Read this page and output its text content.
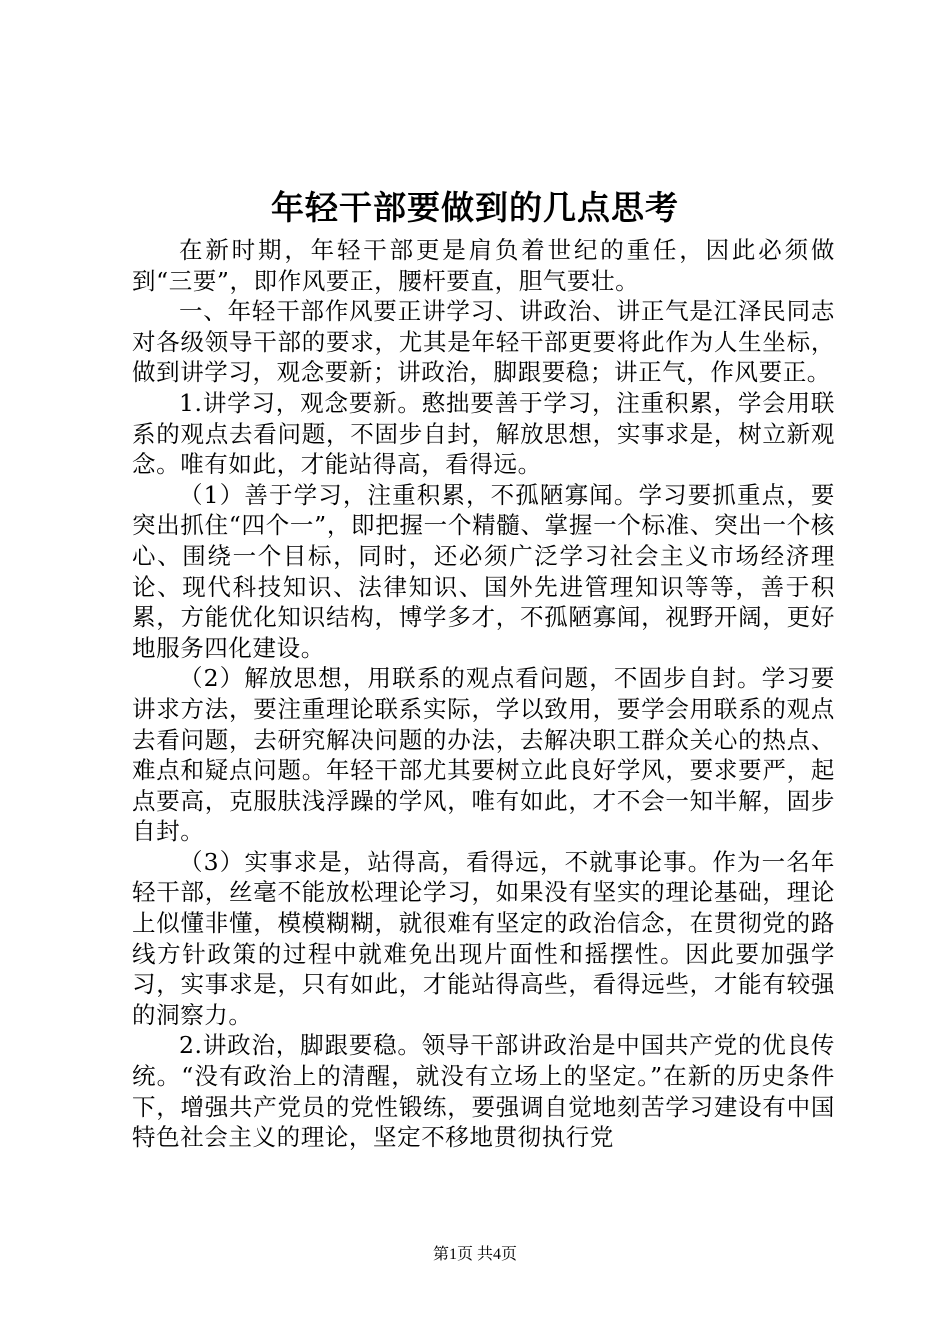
年轻干部要做到的几点思考

在新时期，年轻干部更是肩负着世纪的重任，因此必须做到“三要”，即作风要正，腰杆要直，胆气要壮。

一、年轻干部作风要正讲学习、讲政治、讲正气是江泽民同志对各级领导干部的要求，尤其是年轻干部更要将此作为人生坐标，做到讲学习，观念要新；讲政治，脚跟要稳；讲正气，作风要正。

1.讲学习，观念要新。憨拙要善于学习，注重积累，学会用联系的观点去看问题，不固步自封，解放思想，实事求是，树立新观念。唯有如此，才能站得高，看得远。

（1）善于学习，注重积累，不孤陋寡闻。学习要抓重点，要突出抓住“四个一”，即把握一个精髓、掌握一个标准、突出一个核心、围绕一个目标，同时，还必须广泛学习社会主义市场经济理论、现代科技知识、法律知识、国外先进管理知识等等，善于积累，方能优化知识结构，博学多才，不孤陋寡闻，视野开阔，更好地服务四化建设。

（2）解放思想，用联系的观点看问题，不固步自封。学习要讲求方法，要注重理论联系实际，学以致用，要学会用联系的观点去看问题，去研究解决问题的办法，去解决职工群众关心的热点、难点和疑点问题。年轻干部尤其要树立此良好学风，要求要严，起点要高，克服肤浅浮躁的学风，唯有如此，才不会一知半解，固步自封。

（3）实事求是，站得高，看得远，不就事论事。作为一名年轻干部，丝毫不能放松理论学习，如果没有坚实的理论基础，理论上似懂非懂，模模糊糊，就很难有坚定的政治信念，在贯彻党的路线方针政策的过程中就难免出现片面性和摇摆性。因此要加强学习，实事求是，只有如此，才能站得高些，看得远些，才能有较强的洞察力。

2.讲政治，脚跟要稳。领导干部讲政治是中国共产党的优良传统。“没有政治上的清醒，就没有立场上的坚定。”在新的历史条件下，增强共产党员的党性锻练，要强调自觉地刻苦学习建设有中国特色社会主义的理论，坚定不移地贯彻执行党

第1页 共4页
